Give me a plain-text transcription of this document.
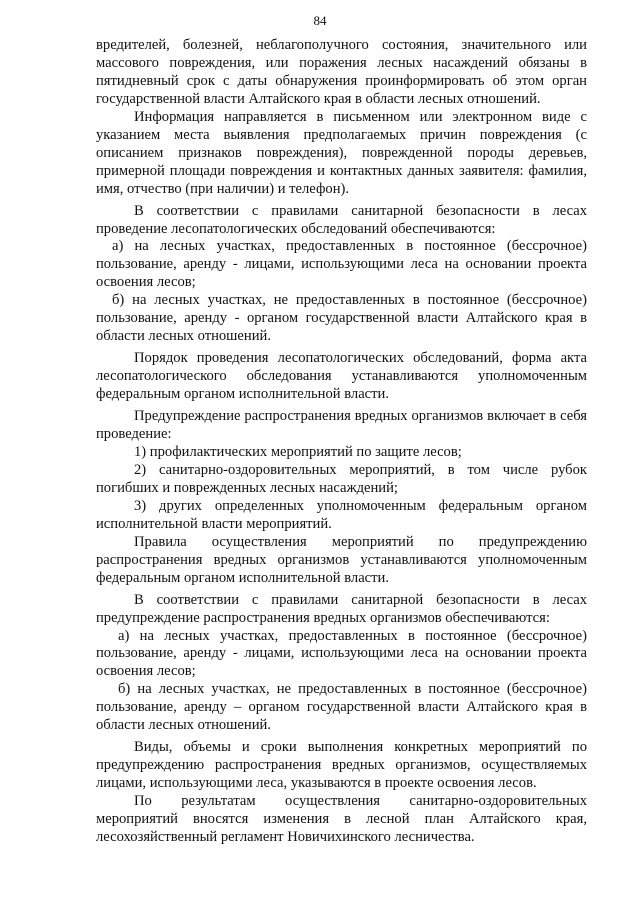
84

вредителей, болезней, неблагополучного состояния, значительного или массового повреждения, или поражения лесных насаждений обязаны в пятидневный срок с даты обнаружения проинформировать об этом орган государственной власти Алтайского края в области лесных отношений.

Информация направляется в письменном или электронном виде с указанием места выявления предполагаемых причин повреждения (с описанием признаков повреждения), поврежденной породы деревьев, примерной площади повреждения и контактных данных заявителя: фамилия, имя, отчество (при наличии) и телефон).

В соответствии с правилами санитарной безопасности в лесах проведение лесопатологических обследований обеспечиваются:

а) на лесных участках, предоставленных в постоянное (бессрочное) пользование, аренду - лицами, использующими леса на основании проекта освоения лесов;

б) на лесных участках, не предоставленных в постоянное (бессрочное) пользование, аренду - органом государственной власти Алтайского края в области лесных отношений.

Порядок проведения лесопатологических обследований, форма акта лесопатологического обследования устанавливаются уполномоченным федеральным органом исполнительной власти.

Предупреждение распространения вредных организмов включает в себя проведение:

1) профилактических мероприятий по защите лесов;

2) санитарно-оздоровительных мероприятий, в том числе рубок погибших и поврежденных лесных насаждений;

3) других определенных уполномоченным федеральным органом исполнительной власти мероприятий.

Правила осуществления мероприятий по предупреждению распространения вредных организмов устанавливаются уполномоченным федеральным органом исполнительной власти.

В соответствии с правилами санитарной безопасности в лесах предупреждение распространения вредных организмов обеспечиваются:

а) на лесных участках, предоставленных в постоянное (бессрочное) пользование, аренду - лицами, использующими леса на основании проекта освоения лесов;

б) на лесных участках, не предоставленных в постоянное (бессрочное) пользование, аренду – органом государственной власти Алтайского края в области лесных отношений.

Виды, объемы и сроки выполнения конкретных мероприятий по предупреждению распространения вредных организмов, осуществляемых лицами, использующими леса, указываются в проекте освоения лесов.

По результатам осуществления санитарно-оздоровительных мероприятий вносятся изменения в лесной план Алтайского края, лесохозяйственный регламент Новичихинского лесничества.
